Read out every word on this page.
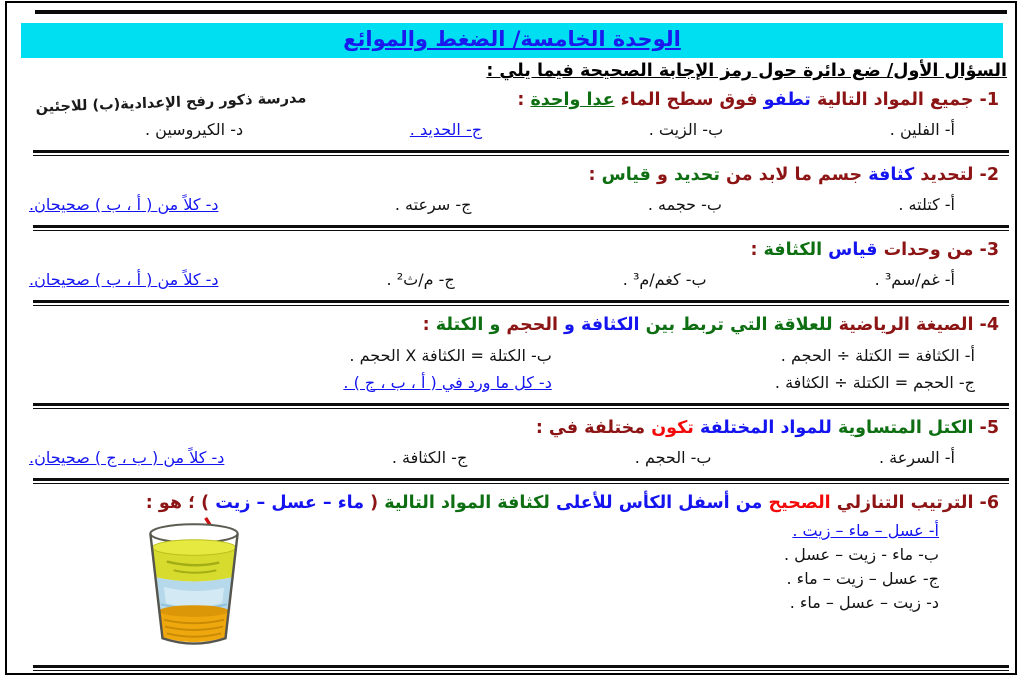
الوحدة الخامسة/ الضغط والموائع
السؤال الأول/ ضع دائرة حول رمز الإجابة الصحيحة فيما يلي :
مدرسة ذكور رفح الإعدادية(ب) للاجئين	1- جميع المواد التالية تطفو فوق سطح الماء عدا واحدة :
أ- الفلين .
ب- الزيت .
ج- الحديد .
د- الكيروسين .
2- لتحديد كثافة جسم ما لابد من تحديد و قياس :
أ- كتلته .
ب- حجمه .
ج- سرعته .
د- كلاً من ( أ ، ب ) صحيحان.
3- من وحدات قياس الكثافة :
أ- غم/سم³ .
ب- كغم/م³ .
ج- م/ث² .
د- كلاً من ( أ ، ب ) صحيحان.
4- الصيغة الرياضية للعلاقة التي تربط بين الكثافة و الحجم و الكتلة :
أ- الكثافة = الكتلة ÷ الحجم .
ب- الكتلة = الكثافة X الحجم .
ج- الحجم = الكتلة ÷ الكثافة .
د- كل ما ورد في ( أ ، ب ، ج ) .
5- الكتل المتساوية للمواد المختلفة تكون مختلفة في :
أ- السرعة .
ب- الحجم .
ج- الكثافة .
د- كلاً من ( ب ، ج ) صحيحان.
6- الترتيب التنازلي الصحيح من أسفل الكأس للأعلى لكثافة المواد التالية ( ماء – عسل – زيت ) ؛ هو :
أ- عسل – ماء – زيت .
ب- ماء - زيت – عسل .
ج- عسل – زيت – ماء .
د- زيت – عسل – ماء .
